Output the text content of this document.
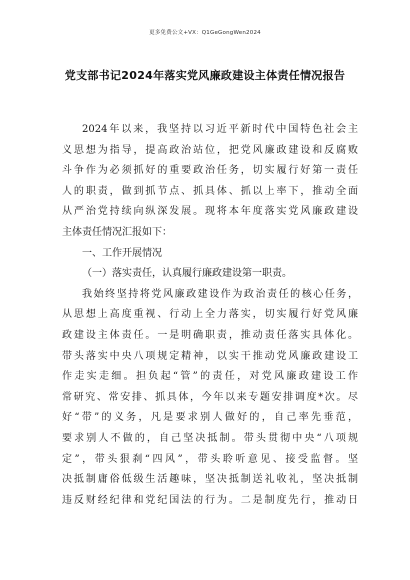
更多免费公文+VX：Q1GeGongWen2024
党支部书记2024年落实党风廉政建设主体责任情况报告
2024年以来，我坚持以习近平新时代中国特色社会主
义思想为指导，提高政治站位，把党风廉政建设和反腐败
斗争作为必须抓好的重要政治任务，切实履行好第一责任
人的职责，做到抓节点、抓具体、抓以上率下，推动全面
从严治党持续向纵深发展。现将本年度落实党风廉政建设
主体责任情况汇报如下：
一、工作开展情况
（一）落实责任，认真履行廉政建设第一职责。
我始终坚持将党风廉政建设作为政治责任的核心任务，
从思想上高度重视、行动上全力落实，切实履行好党风廉
政建设主体责任。一是明确职责，推动责任落实具体化。
带头落实中央八项规定精神，以实干推动党风廉政建设工
作走实走细。担负起“管”的责任，对党风廉政建设工作
常研究、常安排、抓具体，今年以来专题安排调度*次。尽
好“带”的义务，凡是要求别人做好的，自己率先垂范，
要求别人不做的，自己坚决抵制。带头贯彻中央“八项规
定”，带头狠刹“四风”，带头聆听意见、接受监督。坚
决抵制庸俗低级生活趣味，坚决抵制送礼收礼，坚决抵制
违反财经纪律和党纪国法的行为。二是制度先行，推动日
